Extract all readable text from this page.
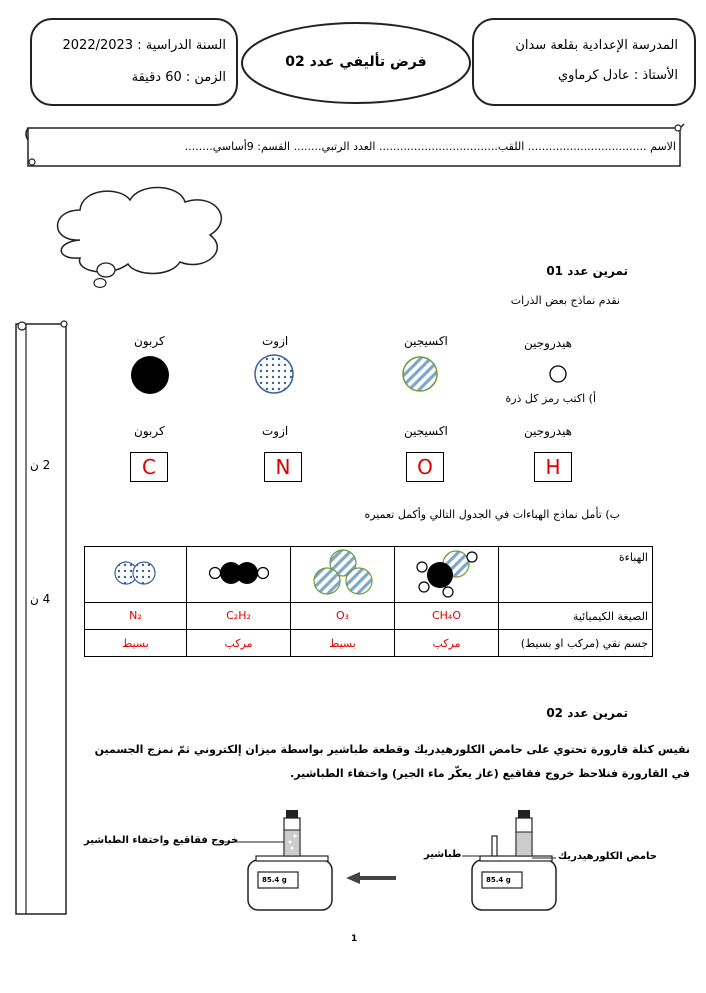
المدرسة الإعدادية بقلعة سدان
الأستاذ : عادل كرماوي
فرض تأليفي عدد 02
السنة الدراسية : 2022/2023
الزمن : 60 دقيقة
الاسم .................................. اللقب.................................. العدد الرتبي........ القسم: 9أساسي........
تمرين عدد 01
نقدم نماذج بعض الذرات
2 ن
4 ن
هيدروجين
اكسيجين
ازوت
كربون
أ) اكتب رمز كل ذرة
هيدروجين
اكسيجين
ازوت
كربون
H
O
N
C
ب) تأمل نماذج الهباءات في الجدول التالي وأكمل تعميره
				الهباءة
N₂	C₂H₂	O₃	CH₄O	الصيغة الكيميائية
بسيط	مركب	بسيط	مركب	جسم نقي (مركب او بسيط)
تمرين عدد 02
نقيس كتلة قارورة تحتوي على حامض الكلورهيدريك وقطعة طباشير بواسطة ميزان إلكتروني ثمّ نمزج الجسمين في القارورة فنلاحظ خروج فقاقيع (غاز يعكّر ماء الجير) واختفاء الطباشير.
خروج فقاقيع واختفاء الطباشير
طباشير	حامض الكلورهيدريك
85.4 g	85.4 g
1
